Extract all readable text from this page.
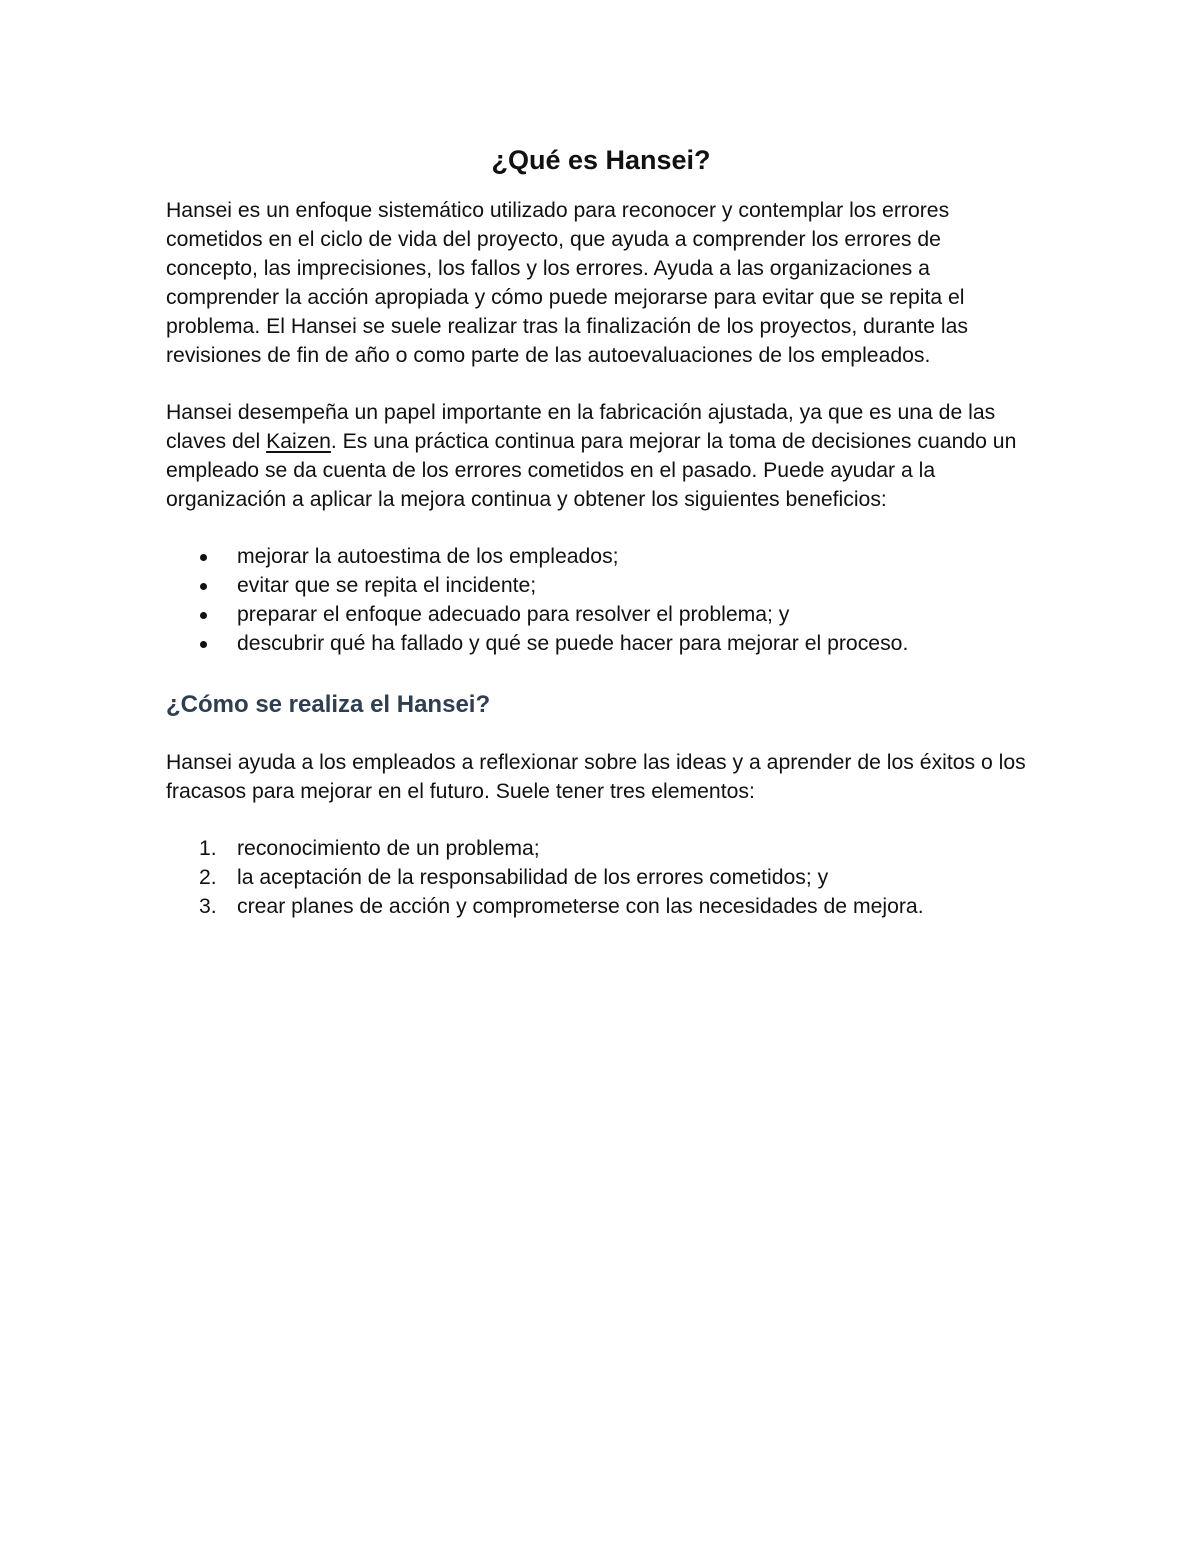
¿Qué es Hansei?

Hansei es un enfoque sistemático utilizado para reconocer y contemplar los errores cometidos en el ciclo de vida del proyecto, que ayuda a comprender los errores de concepto, las imprecisiones, los fallos y los errores. Ayuda a las organizaciones a comprender la acción apropiada y cómo puede mejorarse para evitar que se repita el problema. El Hansei se suele realizar tras la finalización de los proyectos, durante las revisiones de fin de año o como parte de las autoevaluaciones de los empleados.

Hansei desempeña un papel importante en la fabricación ajustada, ya que es una de las claves del Kaizen. Es una práctica continua para mejorar la toma de decisiones cuando un empleado se da cuenta de los errores cometidos en el pasado. Puede ayudar a la organización a aplicar la mejora continua y obtener los siguientes beneficios:

mejorar la autoestima de los empleados;
evitar que se repita el incidente;
preparar el enfoque adecuado para resolver el problema; y
descubrir qué ha fallado y qué se puede hacer para mejorar el proceso.
¿Cómo se realiza el Hansei?

Hansei ayuda a los empleados a reflexionar sobre las ideas y a aprender de los éxitos o los fracasos para mejorar en el futuro. Suele tener tres elementos:

1. reconocimiento de un problema;
2. la aceptación de la responsabilidad de los errores cometidos; y
3. crear planes de acción y comprometerse con las necesidades de mejora.
